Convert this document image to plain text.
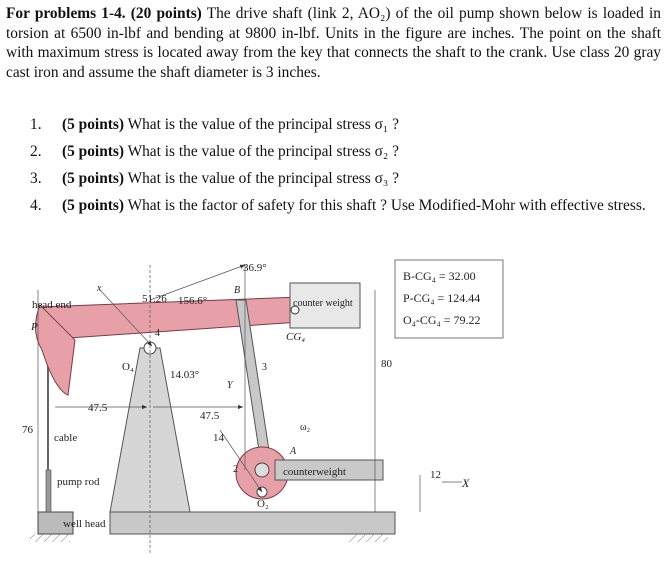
For problems 1-4. (20 points) The drive shaft (link 2, AO₂) of the oil pump shown below is loaded in torsion at 6500 in-lbf and bending at 9800 in-lbf. Units in the figure are inches. The point on the shaft with maximum stress is located away from the key that connects the shaft to the crank. Use class 20 gray cast iron and assume the shaft diameter is 3 inches.
1. (5 points) What is the value of the principal stress σ₁ ?
2. (5 points) What is the value of the principal stress σ₂ ?
3. (5 points) What is the value of the principal stress σ₃ ?
4. (5 points) What is the factor of safety for this shaft ? Use Modified-Mohr with effective stress.
head end
P
cable
pump rod
well head
x
Y
B
A
O₄
O₂
CG₄
counter weight
counterweight
ω₂
4
3
2
X
51.26 156.6°
36.9°
14.03°
47.5
47.5
76
14
80
12
B-CG₄ = 32.00
P-CG₄ = 124.44
O₄-CG₄ = 79.22
